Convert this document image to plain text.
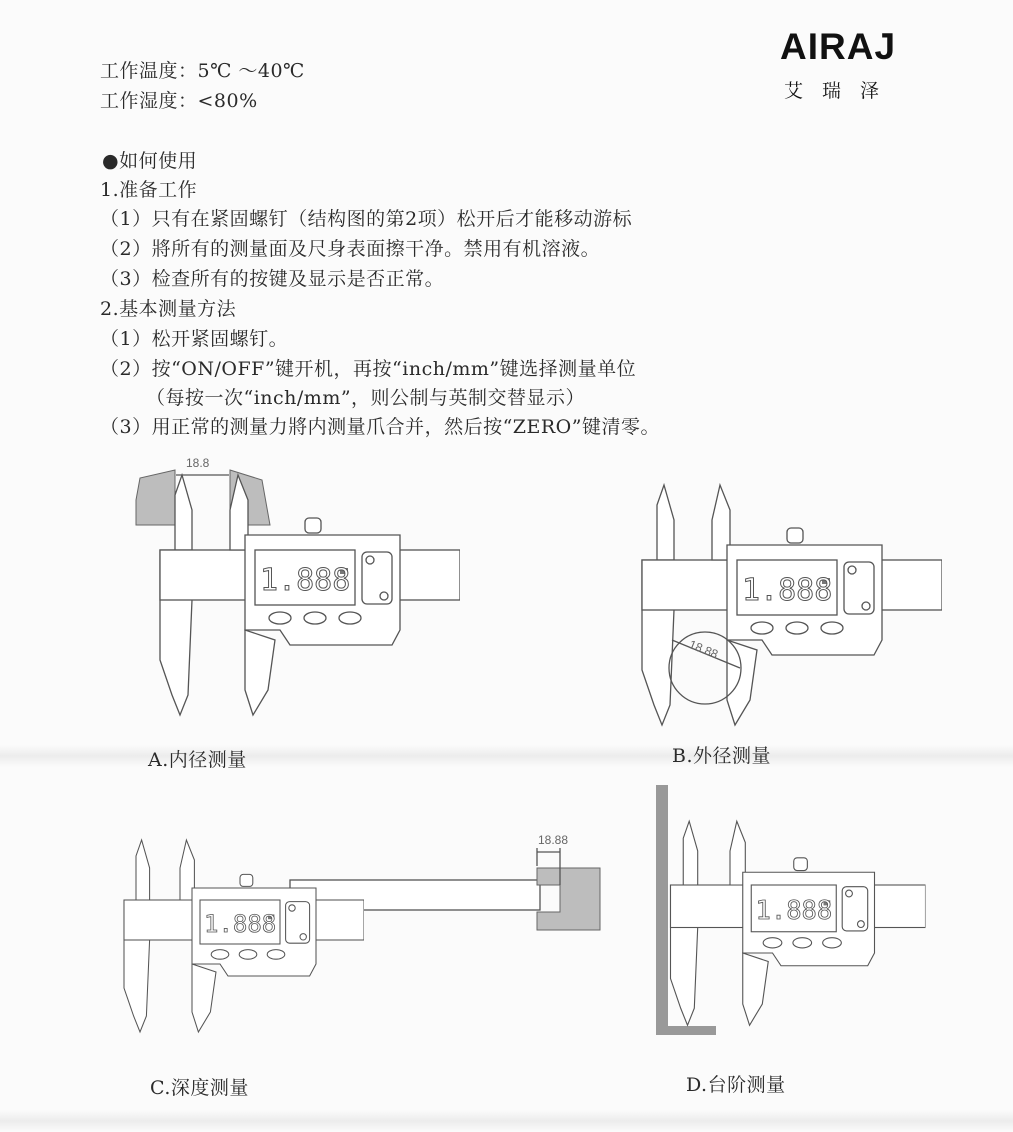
AIRAJ
艾瑞泽
工作温度：5℃ ～40℃
工作湿度：<80%
●如何使用
1.准备工作
（1）只有在紧固螺钉（结构图的第2项）松开后才能移动游标
（2）將所有的测量面及尺身表面擦干净。禁用有机溶液。
（3）检查所有的按键及显示是否正常。
2.基本测量方法
（1）松开紧固螺钉。
（2）按“ON/OFF”键开机，再按“inch/mm”键选择测量单位
（每按一次“inch/mm”，则公制与英制交替显示）
（3）用正常的测量力將内测量爪合并，然后按“ZERO”键清零。
A.内径测量	B.外径测量
C.深度测量	D.台阶测量
18.8
1.888	1.888
18.88
18.88
1.888	1.888
